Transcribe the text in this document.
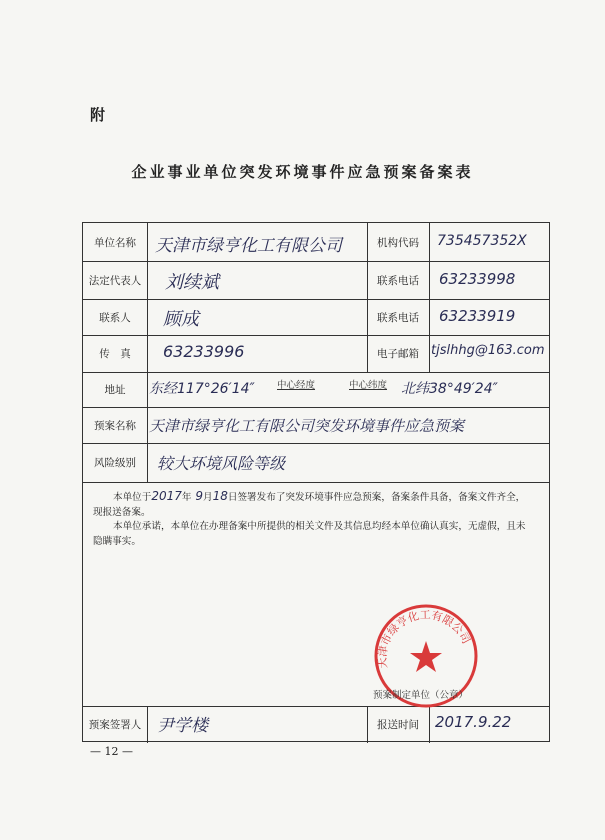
附
企业事业单位突发环境事件应急预案备案表
单位名称	天津市绿亨化工有限公司	机构代码	735457352X
法定代表人	刘续斌	联系电话	63233998
联系人	顾成	联系电话	63233919
传　真	63233996	电子邮箱 tjslhhg@163.com
地址	东经117°26′14″ 中心经度	中心纬度 北纬38°49′24″
预案名称 天津市绿亨化工有限公司突发环境事件应急预案
风险级别	较大环境风险等级
本单位于2017年 9月18日签署发布了突发环境事件应急预案，备案条件具备，备案文件齐全，现报送备案。
本单位承诺，本单位在办理备案中所提供的相关文件及其信息均经本单位确认真实，无虚假，且未隐瞒事实。
天津市绿亨化工有限公司
预案制定单位（公章）
预案签署人 尹学楼	报送时间	2017.9.22
— 12 —
